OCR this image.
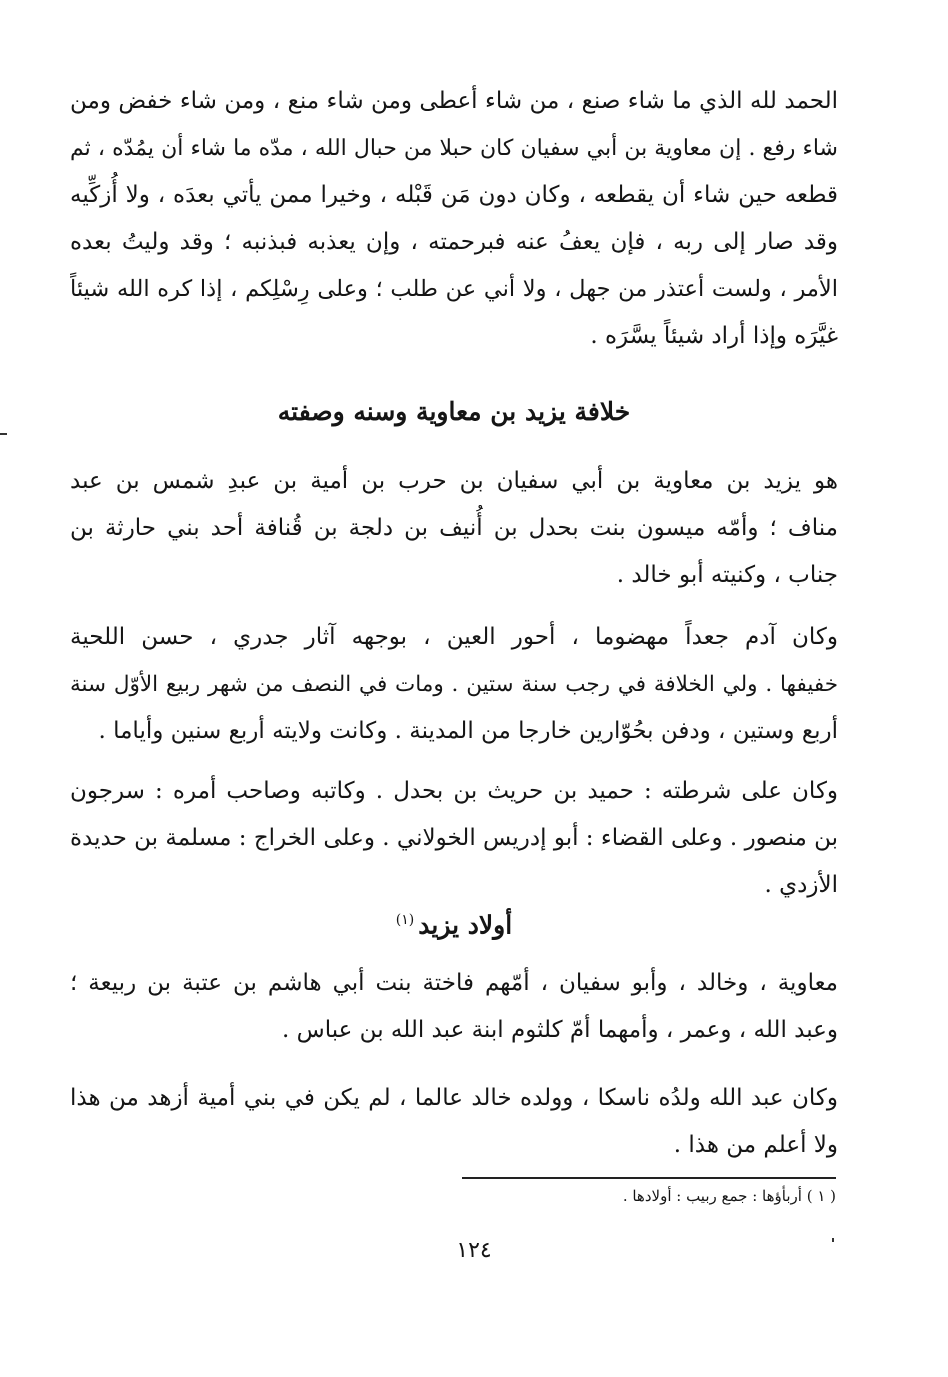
الحمد لله الذي ما شاء صنع ، من شاء أعطى ومن شاء منع ، ومن شاء خفض ومن
شاء رفع . إن معاوية بن أبي سفيان كان حبلا من حبال الله ، مدّه ما شاء أن يمُدّه ، ثم
قطعه حين شاء أن يقطعه ، وكان دون مَن قَبْله ، وخيرا ممن يأتي بعدَه ، ولا أُزكِّيه
وقد صار إلى ربه ، فإن يعفُ عنه فبرحمته ، وإن يعذبه فبذنبه ؛ وقد وليتُ بعده
الأمر ، ولست أعتذر من جهل ، ولا أني عن طلب ؛ وعلى رِسْلِكم ، إذا كره الله شيئاً
غيَّرَه وإذا أراد شيئاً يسَّرَه .
خلافة يزيد بن معاوية وسنه وصفته
هو يزيد بن معاوية بن أبي سفيان بن حرب بن أمية بن عبدِ شمس بن عبد
مناف ؛ وأمّه ميسون بنت بحدل بن أُنيف بن دلجة بن قُنافة أحد بني حارثة بن
جناب ، وكنيته أبو خالد .
وكان آدم جعداً مهضوما ، أحور العين ، بوجهه آثار جدري ، حسن اللحية
خفيفها . ولي الخلافة في رجب سنة ستين . ومات في النصف من شهر ربيع الأوّل سنة
أربع وستين ، ودفن بحُوّارين خارجا من المدينة . وكانت ولايته أربع سنين وأياما .
وكان على شرطته : حميد بن حريث بن بحدل . وكاتبه وصاحب أمره : سرجون
بن منصور . وعلى القضاء : أبو إدريس الخولاني . وعلى الخراج : مسلمة بن حديدة
الأزدي .
أولاد يزيد$^{(١)}$
معاوية ، وخالد ، وأبو سفيان ، أمّهم فاختة بنت أبي هاشم بن عتبة بن ربيعة ؛
وعبد الله ، وعمر ، وأمهما أمّ كلثوم ابنة عبد الله بن عباس .
وكان عبد الله ولدُه ناسكا ، وولده خالد عالما ، لم يكن في بني أمية أزهد من هذا
ولا أعلم من هذا .
( ١ ) أربأؤها : جمع ربيب : أولادها .
١٢٤
